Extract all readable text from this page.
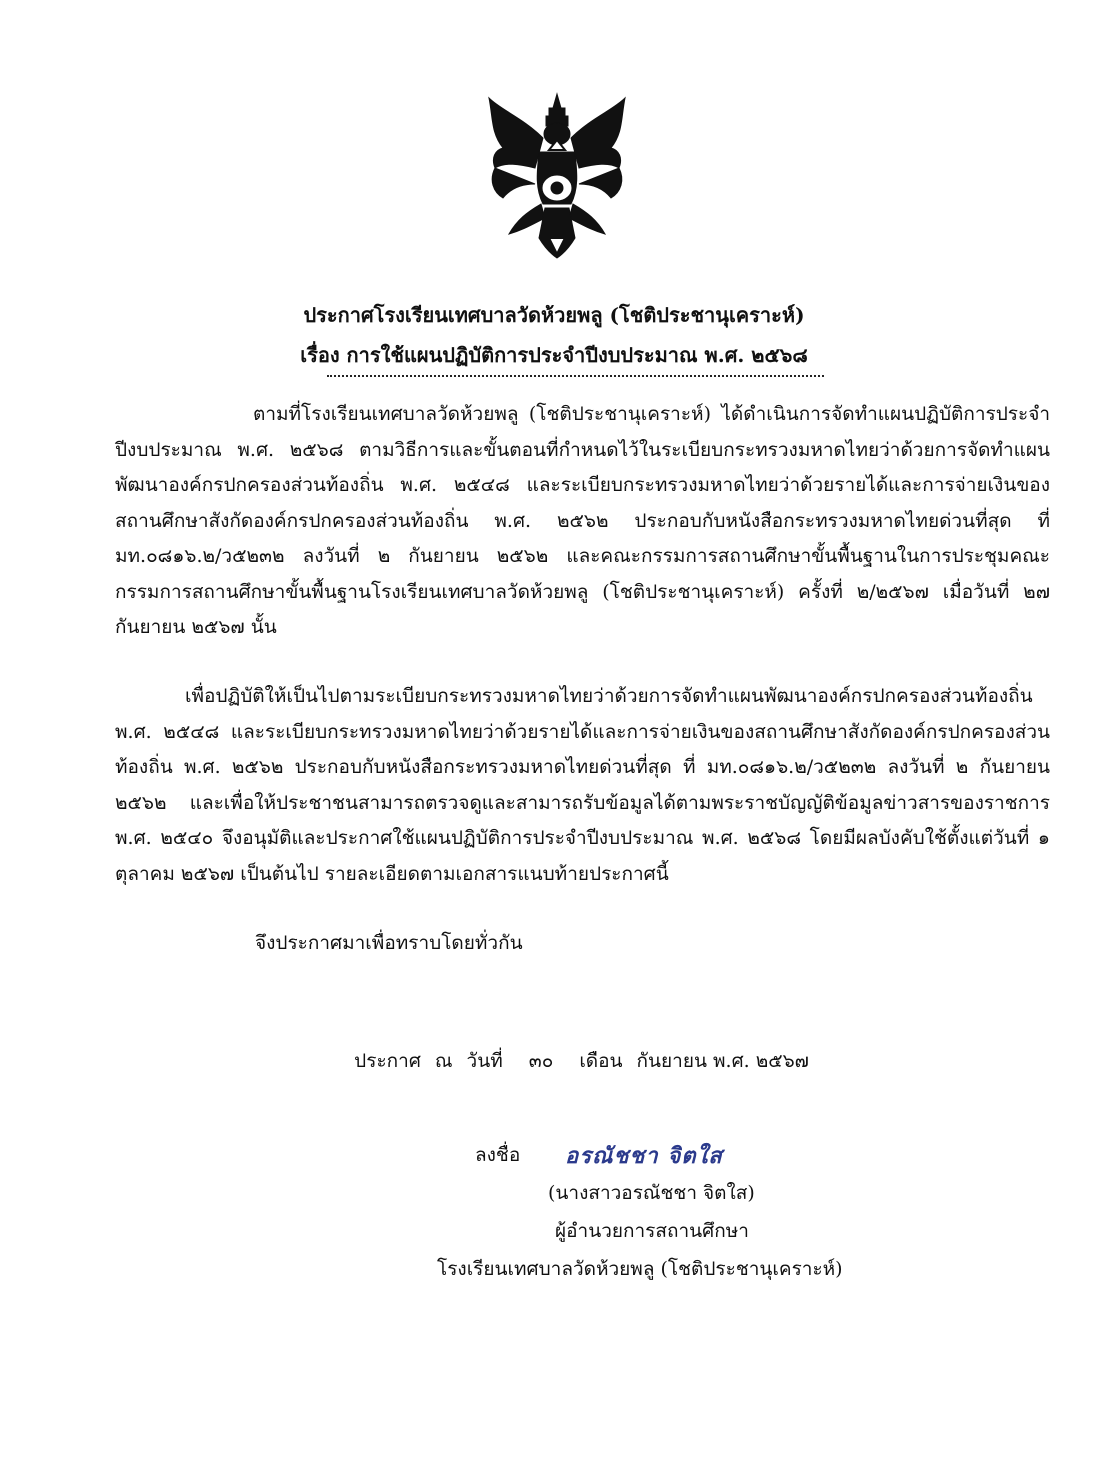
ประกาศโรงเรียนเทศบาลวัดห้วยพลู (โชติประชานุเคราะห์)
เรื่อง การใช้แผนปฏิบัติการประจำปีงบประมาณ พ.ศ. ๒๕๖๘

ตามที่โรงเรียนเทศบาลวัดห้วยพลู (โชติประชานุเคราะห์) ได้ดำเนินการจัดทำแผนปฏิบัติการประจำปีงบประมาณ พ.ศ. ๒๕๖๘ ตามวิธีการและขั้นตอนที่กำหนดไว้ในระเบียบกระทรวงมหาดไทยว่าด้วยการจัดทำแผนพัฒนาองค์กรปกครองส่วนท้องถิ่น พ.ศ. ๒๕๔๘ และระเบียบกระทรวงมหาดไทยว่าด้วยรายได้และการจ่ายเงินของสถานศึกษาสังกัดองค์กรปกครองส่วนท้องถิ่น พ.ศ. ๒๕๖๒ ประกอบกับหนังสือกระทรวงมหาดไทยด่วนที่สุด ที่ มท.๐๘๑๖.๒/ว๕๒๓๒ ลงวันที่ ๒ กันยายน ๒๕๖๒ และคณะกรรมการสถานศึกษาขั้นพื้นฐานในการประชุมคณะกรรมการสถานศึกษาขั้นพื้นฐานโรงเรียนเทศบาลวัดห้วยพลู (โชติประชานุเคราะห์) ครั้งที่ ๒/๒๕๖๗ เมื่อวันที่ ๒๗ กันยายน ๒๕๖๗ นั้น

เพื่อปฏิบัติให้เป็นไปตามระเบียบกระทรวงมหาดไทยว่าด้วยการจัดทำแผนพัฒนาองค์กรปกครองส่วนท้องถิ่น พ.ศ. ๒๕๔๘ และระเบียบกระทรวงมหาดไทยว่าด้วยรายได้และการจ่ายเงินของสถานศึกษาสังกัดองค์กรปกครองส่วนท้องถิ่น พ.ศ. ๒๕๖๒ ประกอบกับหนังสือกระทรวงมหาดไทยด่วนที่สุด ที่ มท.๐๘๑๖.๒/ว๕๒๓๒ ลงวันที่ ๒ กันยายน ๒๕๖๒ และเพื่อให้ประชาชนสามารถตรวจดูและสามารถรับข้อมูลได้ตามพระราชบัญญัติข้อมูลข่าวสารของราชการ พ.ศ. ๒๕๔๐ จึงอนุมัติและประกาศใช้แผนปฏิบัติการประจำปีงบประมาณ พ.ศ. ๒๕๖๘ โดยมีผลบังคับใช้ตั้งแต่วันที่ ๑ ตุลาคม ๒๕๖๗ เป็นต้นไป รายละเอียดตามเอกสารแนบท้ายประกาศนี้

จึงประกาศมาเพื่อทราบโดยทั่วกัน

ประกาศ ณ วันที่ ๓๐ เดือน กันยายน พ.ศ. ๒๕๖๗

ลงชื่อ อรณัชชา จิตใส
(นางสาวอรณัชชา จิตใส)
ผู้อำนวยการสถานศึกษา
โรงเรียนเทศบาลวัดห้วยพลู (โชติประชานุเคราะห์)
